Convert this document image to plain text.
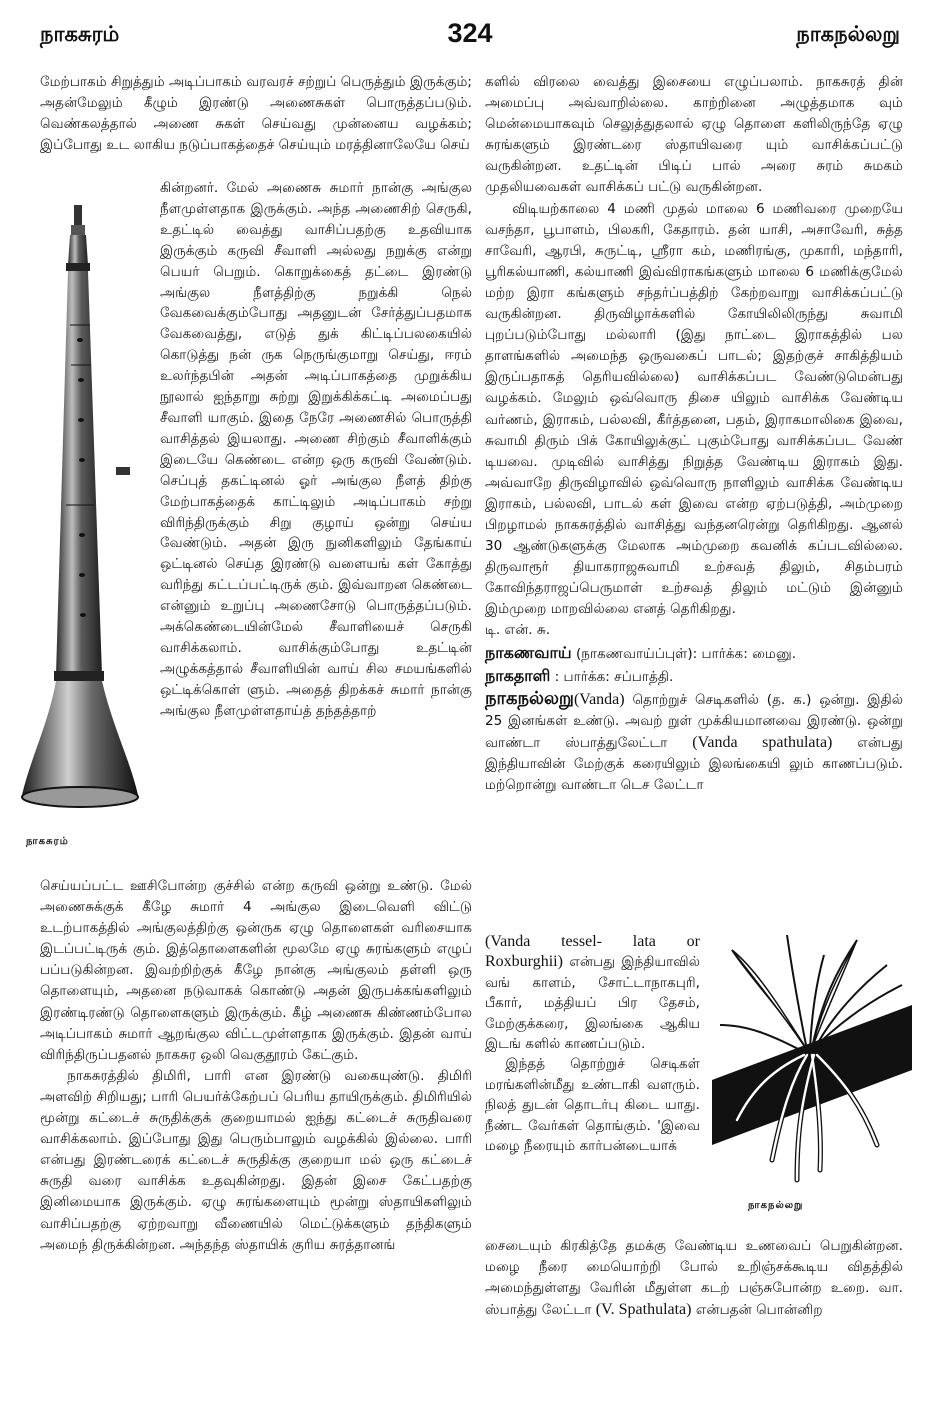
நாகசுரம்	324	நாகநல்லறு

மேற்பாகம் சிறுத்தும் அடிப்பாகம் வரவரச் சற்றுப் பெருத்தும் இருக்கும்; அதன்மேலும் கீழும் இரண்டு அணைசுகள் பொருத்தப்படும். வெண்கலத்தால் அணை சுகள் செய்வது முன்னைய வழக்கம்; இப்போது உட லாகிய நடுப்பாகத்தைச் செய்யும் மரத்தினாலேயே செய்

கின்றனர். மேல் அணைசு சுமார் நான்கு அங்குல நீளமுள்ளதாக இருக்கும். அந்த அணைசிற் செருகி, உதட்டில் வைத்து வாசிப்பதற்கு உதவியாக இருக்கும் கருவி சீவாளி அல்லது நறுக்கு என்று பெயர் பெறும். கொறுக்கைத் தட்டை இரண்டு அங்குல நீளத்திற்கு நறுக்கி நெல் வேகவைக்கும்போது அதனுடன் சேர்த்துப்பதமாக வேகவைத்து, எடுத் துக் கிட்டிப்பலகையில் கொடுத்து நன் ருக நெருங்குமாறு செய்து, ஈரம் உலர்ந்தபின் அதன் அடிப்பாகத்தை முறுக்கிய நூலால் ஐந்தாறு சுற்று இறுக்கிக்கட்டி அமைப்பது சீவாளி யாகும். இதை நேரே அணைசில் பொருத்தி வாசித்தல் இயலாது. அணை சிற்கும் சீவாளிக்கும் இடையே கெண்டை என்ற ஒரு கருவி வேண்டும். செப்புத் தகட்டினல் ஓர் அங்குல நீளத் திற்கு மேற்பாகத்தைக் காட்டிலும் அடிப்பாகம் சற்று விரிந்திருக்கும் சிறு குழாய் ஒன்று செய்ய வேண்டும். அதன் இரு நுனிகளிலும் தேங்காய் ஒட்டினல் செய்த இரண்டு வளையங் கள் கோத்து வரிந்து கட்டப்பட்டிருக் கும். இவ்வாறன கெண்டை என்னும் உறுப்பு அணைசோடு பொருத்தப்படும். அக்கெண்டையின்மேல் சீவாளியைச் செருகி வாசிக்கலாம். வாசிக்கும்போது உதட்டின் அழுக்கத்தால் சீவாளியின் வாய் சில சமயங்களில் ஒட்டிக்கொள் ளும். அதைத் திறக்கச் சுமார் நான்கு அங்குல நீளமுள்ளதாய்த் தந்தத்தாற்
நாகசுரம்

செய்யப்பட்ட ஊசிபோன்ற குச்சில் என்ற கருவி ஒன்று உண்டு. மேல் அணைசுக்குக் கீழே சுமார் 4 அங்குல இடைவெளி விட்டு உடற்பாகத்தில் அங்குலத்திற்கு ஒன்ருக ஏழு தொளைகள் வரிசையாக இடப்பட்டிருக் கும். இத்தொளைகளின் மூலமே ஏழு சுரங்களும் எழுப் பப்படுகின்றன. இவற்றிற்குக் கீழே நான்கு அங்குலம் தள்ளி ஒரு தொளையும், அதனை நடுவாகக் கொண்டு அதன் இருபக்கங்களிலும் இரண்டிரண்டு தொளைகளும் இருக்கும். கீழ் அணைசு கிண்ணம்போல அடிப்பாகம் சுமார் ஆறங்குல விட்டமுள்ளதாக இருக்கும். இதன் வாய் விரிந்திருப்பதனல் நாகசுர ஒலி வெகுதூரம் கேட்கும்.

நாகசுரத்தில் திமிரி, பாரி என இரண்டு வகையுண்டு. திமிரி அளவிற் சிறியது; பாரி பெயர்க்கேற்பப் பெரிய தாயிருக்கும். திமிரியில் மூன்று கட்டைச் சுருதிக்குக் குறையாமல் ஐந்து கட்டைச் சுருதிவரை வாசிக்கலாம். இப்போது இது பெரும்பாலும் வழக்கில் இல்லை. பாரி என்பது இரண்டரைக் கட்டைச் சுருதிக்கு குறையா மல் ஒரு கட்டைச் சுருதி வரை வாசிக்க உதவுகின்றது. இதன் இசை கேட்பதற்கு இனிமையாக இருக்கும். ஏழு சுரங்களையும் மூன்று ஸ்தாயிகளிலும் வாசிப்பதற்கு ஏற்றவாறு வீணையில் மெட்டுக்களும் தந்திகளும் அமைந் திருக்கின்றன. அந்தந்த ஸ்தாயிக் குரிய சுரத்தானங்

களில் விரலை வைத்து இசையை எழுப்பலாம். நாகசுரத் தின் அமைப்பு அவ்வாறில்லை. காற்றினை அழுத்தமாக வும் மென்மையாகவும் செலுத்துதலால் ஏழு தொளை களிலிருந்தே ஏழு சுரங்களும் இரண்டரை ஸ்தாயிவரை யும் வாசிக்கப்பட்டு வருகின்றன. உதட்டின் பிடிப் பால் அரை சுரம் சுமகம் முதலியவைகள் வாசிக்கப் பட்டு வருகின்றன.

விடியற்காலை 4 மணி முதல் மாலை 6 மணிவரை முறையே வசந்தா, பூபாளம், பிலகரி, கேதாரம். தன் யாசி, அசாவேரி, சுத்த சாவேரி, ஆரபி, சுருட்டி, ஸ்ரீரா கம், மணிரங்கு, முகாரி, மந்தாரி, பூரிகல்யாணி, கல்யாணி இவ்விராகங்களும் மாலை 6 மணிக்குமேல் மற்ற இரா கங்களும் சந்தர்ப்பத்திற் கேற்றவாறு வாசிக்கப்பட்டு வருகின்றன. திருவிழாக்களில் கோயிலிலிருந்து சுவாமி புறப்படும்போது மல்லாரி (இது நாட்டை இராகத்தில் பல தாளங்களில் அமைந்த ஒருவகைப் பாடல்; இதற்குச் சாகித்தியம் இருப்பதாகத் தெரியவில்லை) வாசிக்கப்பட வேண்டுமென்பது வழக்கம். மேலும் ஒவ்வொரு திசை யிலும் வாசிக்க வேண்டிய வர்ணம், இராகம், பல்லவி, கீர்த்தனை, பதம், இராகமாலிகை இவை, சுவாமி திரும் பிக் கோயிலுக்குட் புகும்போது வாசிக்கப்பட வேண் டியவை. முடிவில் வாசித்து நிறுத்த வேண்டிய இராகம் இது. அவ்வாறே திருவிழாவில் ஒவ்வொரு நாளிலும் வாசிக்க வேண்டிய இராகம், பல்லவி, பாடல் கள் இவை என்ற ஏற்படுத்தி, அம்முறை பிறழாமல் நாகசுரத்தில் வாசித்து வந்தனரென்று தெரிகிறது. ஆனல் 30 ஆண்டுகளுக்கு மேலாக அம்முறை கவனிக் கப்படவில்லை. திருவாரூர் தியாகராஜசுவாமி உற்சவத் திலும், சிதம்பரம் கோவிந்தராஜப்பெருமாள் உற்சவத் திலும் மட்டும் இன்னும் இம்முறை மாறவில்லை எனத் தெரிகிறது.

டி. என். சு.

நாகணவாய் (நாகணவாய்ப்புள்): பார்க்க: மைனு.

நாகதாளி : பார்க்க: சப்பாத்தி.

நாகநல்லறு(Vanda) தொற்றுச் செடிகளில் (த. க.) ஒன்று. இதில் 25 இனங்கள் உண்டு. அவற் றுள் முக்கியமானவை இரண்டு. ஒன்று வாண்டா ஸ்பாத்துலேட்டா (Vanda spathulata) என்பது இந்தியாவின் மேற்குக் கரையிலும் இலங்கையி லும் காணப்படும். மற்றொன்று வாண்டா டெச லேட்டா

(Vanda tessel- lata or Roxburghii) என்பது இந்தியாவில் வங் காளம், சோட்டாநாகபுரி, பீகார், மத்தியப் பிர தேசம், மேற்குக்கரை, இலங்கை ஆகிய இடங் களில் காணப்படும்.
இந்தத் தொற்றுச் செடிகள் மரங்களின்மீது உண்டாகி வளரும். நிலத் துடன் தொடர்பு கிடை யாது. நீண்ட வேர்கள் தொங்கும். 'இவை மழை நீரையும் கார்பன்டையாக்
நாகநல்லறு

சைடையும் கிரகித்தே தமக்கு வேண்டிய உணவைப் பெறுகின்றன. மழை நீரை மையொற்றி போல் உறிஞ்சக்கூடிய விதத்தில் அமைந்துள்ளது வேரின் மீதுள்ள கடற் பஞ்சுபோன்ற உறை. வா. ஸ்பாத்து லேட்டா (V. Spathulata) என்பதன் பொன்னிற
